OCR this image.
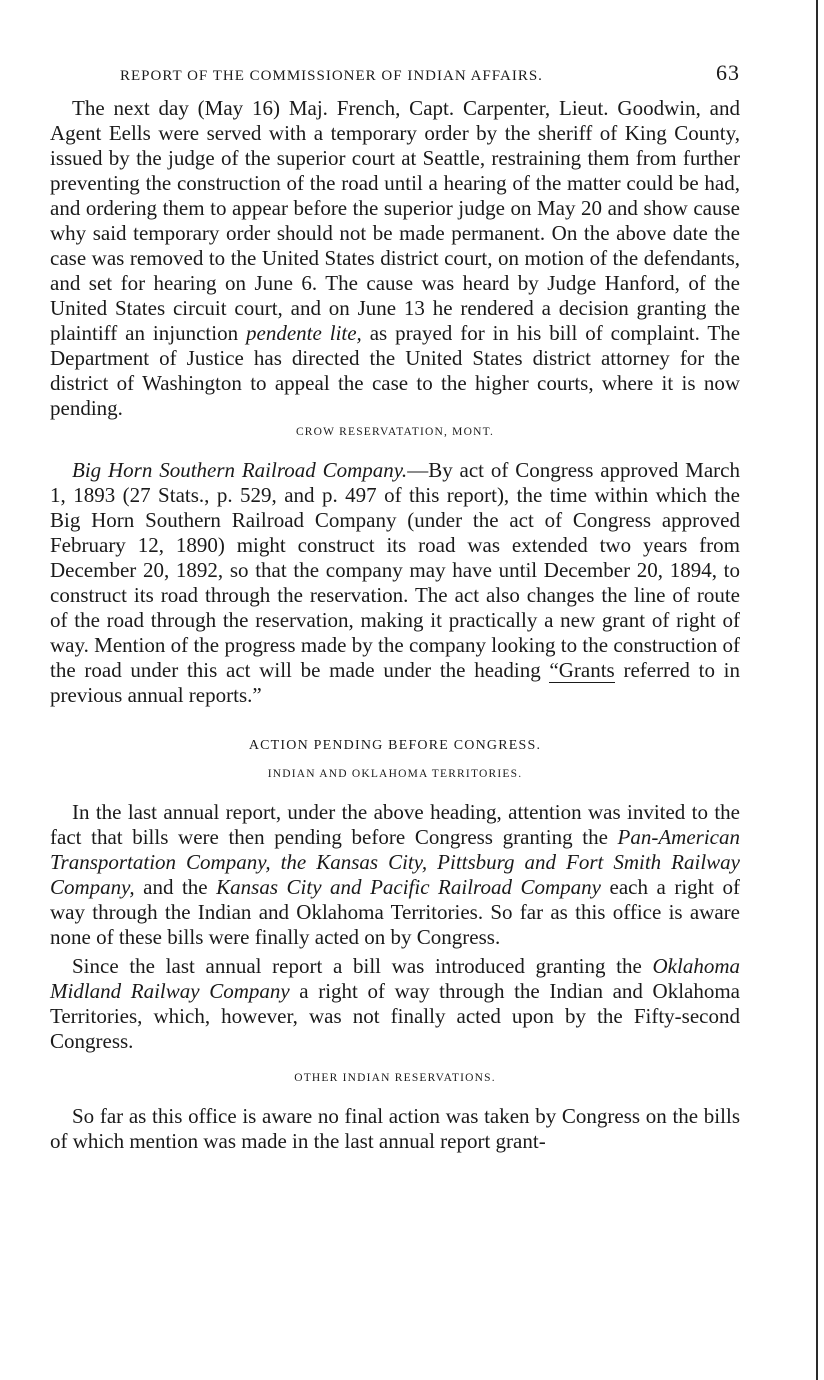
REPORT OF THE COMMISSIONER OF INDIAN AFFAIRS.	63

The next day (May 16) Maj. French, Capt. Carpenter, Lieut. Goodwin, and Agent Eells were served with a temporary order by the sheriff of King County, issued by the judge of the superior court at Seattle, restraining them from further preventing the construction of the road until a hearing of the matter could be had, and ordering them to appear before the superior judge on May 20 and show cause why said temporary order should not be made permanent. On the above date the case was removed to the United States district court, on motion of the defendants, and set for hearing on June 6. The cause was heard by Judge Hanford, of the United States circuit court, and on June 13 he rendered a decision granting the plaintiff an injunction pendente lite, as prayed for in his bill of complaint. The Department of Justice has directed the United States district attorney for the district of Washington to appeal the case to the higher courts, where it is now pending.

CROW RESERVATATION, MONT.

Big Horn Southern Railroad Company.—By act of Congress approved March 1, 1893 (27 Stats., p. 529, and p. 497 of this report), the time within which the Big Horn Southern Railroad Company (under the act of Congress approved February 12, 1890) might construct its road was extended two years from December 20, 1892, so that the company may have until December 20, 1894, to construct its road through the reservation. The act also changes the line of route of the road through the reservation, making it practically a new grant of right of way. Mention of the progress made by the company looking to the construction of the road under this act will be made under the heading “Grants referred to in previous annual reports.”

ACTION PENDING BEFORE CONGRESS.
INDIAN AND OKLAHOMA TERRITORIES.

In the last annual report, under the above heading, attention was invited to the fact that bills were then pending before Congress granting the Pan-American Transportation Company, the Kansas City, Pittsburg and Fort Smith Railway Company, and the Kansas City and Pacific Railroad Company each a right of way through the Indian and Oklahoma Territories. So far as this office is aware none of these bills were finally acted on by Congress.

Since the last annual report a bill was introduced granting the Oklahoma Midland Railway Company a right of way through the Indian and Oklahoma Territories, which, however, was not finally acted upon by the Fifty-second Congress.

OTHER INDIAN RESERVATIONS.

So far as this office is aware no final action was taken by Congress on the bills of which mention was made in the last annual report grant-
